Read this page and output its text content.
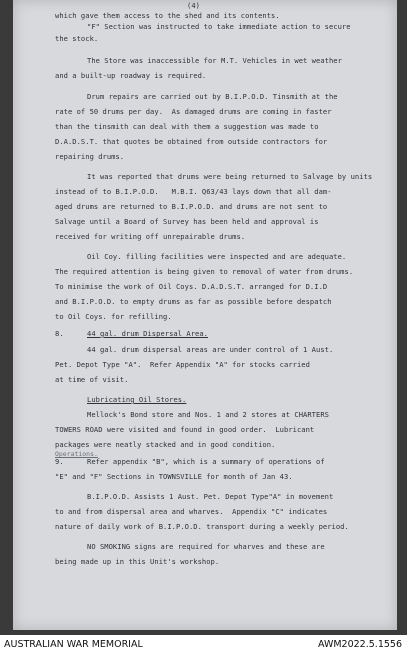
(4)
which gave them access to the shed and its contents.
"F" Section was instructed to take immediate action to secure
the stock.
The Store was inaccessible for M.T. Vehicles in wet weather
and a built-up roadway is required.
Drum repairs are carried out by B.I.P.O.D. Tinsmith at the
rate of 50 drums per day.  As damaged drums are coming in faster
than the tinsmith can deal with them a suggestion was made to
D.A.D.S.T. that quotes be obtained from outside contractors for
repairing drums.
It was reported that drums were being returned to Salvage by units
instead of to B.I.P.O.D.   M.B.I. Q63/43 lays down that all dam-
aged drums are returned to B.I.P.O.D. and drums are not sent to
Salvage until a Board of Survey has been held and approval is
received for writing off unrepairable drums.
Oil Coy. filling facilities were inspected and are adequate.
The required attention is being given to removal of water from drums.
To minimise the work of Oil Coys. D.A.D.S.T. arranged for D.I.D
and B.I.P.O.D. to empty drums as far as possible before despatch
to Oil Coys. for refilling.
8.	44 gal. drum Dispersal Area.
44 gal. drum dispersal areas are under control of 1 Aust.
Pet. Depot Type "A".  Refer Appendix "A" for stocks carried
at time of visit.
Lubricating Oil Stores.
Mellock's Bond store and Nos. 1 and 2 stores at CHARTERS
TOWERS ROAD were visited and found in good order.  Lubricant
packages were neatly stacked and in good condition.
Operations.
9.	Refer appendix "B", which is a summary of operations of
"E" and "F" Sections in TOWNSVILLE for month of Jan 43.
B.I.P.O.D. Assists 1 Aust. Pet. Depot Type"A" in movement
to and from dispersal area and wharves.  Appendix "C" indicates
nature of daily work of B.I.P.O.D. transport during a weekly period.
NO SMOKING signs are required for wharves and these are
being made up in this Unit's workshop.
AUSTRALIAN WAR MEMORIAL	AWM2022.5.1556
